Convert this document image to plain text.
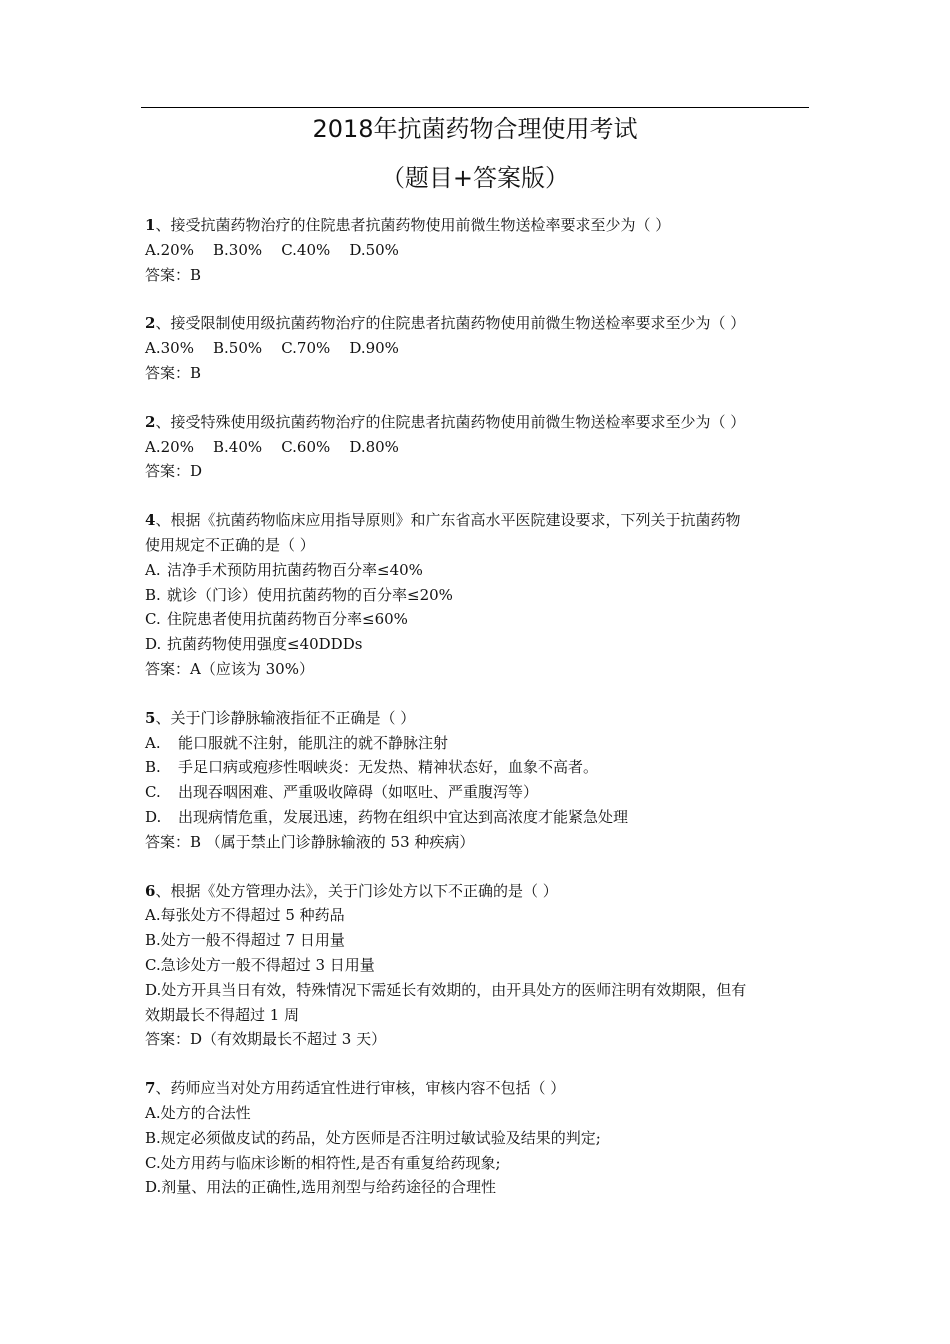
2018年抗菌药物合理使用考试
（题目+答案版）
1、接受抗菌药物治疗的住院患者抗菌药物使用前微生物送检率要求至少为（ ）
A.20%    B.30%    C.40%    D.50%
答案：B
2、接受限制使用级抗菌药物治疗的住院患者抗菌药物使用前微生物送检率要求至少为（ ）
A.30%    B.50%    C.70%    D.90%
答案：B
2、接受特殊使用级抗菌药物治疗的住院患者抗菌药物使用前微生物送检率要求至少为（ ）
A.20%    B.40%    C.60%    D.80%
答案：D
4、根据《抗菌药物临床应用指导原则》和广东省高水平医院建设要求，下列关于抗菌药物
使用规定不正确的是（ ）
A. 洁净手术预防用抗菌药物百分率≤40%
B. 就诊（门诊）使用抗菌药物的百分率≤20%
C. 住院患者使用抗菌药物百分率≤60%
D. 抗菌药物使用强度≤40DDDs
答案：A（应该为 30%）
5、关于门诊静脉输液指征不正确是（ ）
A. 能口服就不注射，能肌注的就不静脉注射
B. 手足口病或疱疹性咽峡炎：无发热、精神状态好，血象不高者。
C. 出现吞咽困难、严重吸收障碍（如呕吐、严重腹泻等）
D. 出现病情危重，发展迅速，药物在组织中宜达到高浓度才能紧急处理
答案：B （属于禁止门诊静脉输液的 53 种疾病）
6、根据《处方管理办法》，关于门诊处方以下不正确的是（ ）
A.每张处方不得超过 5 种药品
B.处方一般不得超过 7 日用量
C.急诊处方一般不得超过 3 日用量
D.处方开具当日有效，特殊情况下需延长有效期的，由开具处方的医师注明有效期限，但有
效期最长不得超过 1 周
答案：D（有效期最长不超过 3 天）
7、药师应当对处方用药适宜性进行审核，审核内容不包括（ ）
A.处方的合法性
B.规定必须做皮试的药品，处方医师是否注明过敏试验及结果的判定;
C.处方用药与临床诊断的相符性,是否有重复给药现象;
D.剂量、用法的正确性,选用剂型与给药途径的合理性
